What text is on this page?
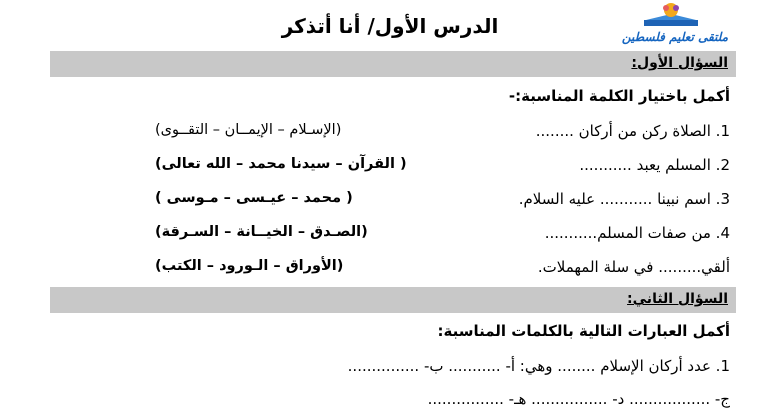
ملتقى تعليم فلسطين
الدرس الأول/ أنا أتذكر
السؤال الأول:
أكمل باختيار الكلمة المناسبة:-
1. الصلاة ركن من أركان ........
(الإسـلام – الإيمــان – التقــوى)
2. المسلم يعبد ...........
( القرآن – سيدنا محمد – الله تعالى)
3. اسم نبينا ........... عليه السلام.
( محمد – عيـسى – مـوسى )
4. من صفات المسلم...........
(الصـدق – الخيــانة – السـرقة)
ألقي......... في سلة المهملات.
(الأوراق – الـورود – الكتب)
السؤال الثاني:
أكمل العبارات التالية بالكلمات المناسبة:
1. عدد أركان الإسلام ........ وهي: أ- ........... ب- ...............
ج- ................. د- ................ هـ- ................
